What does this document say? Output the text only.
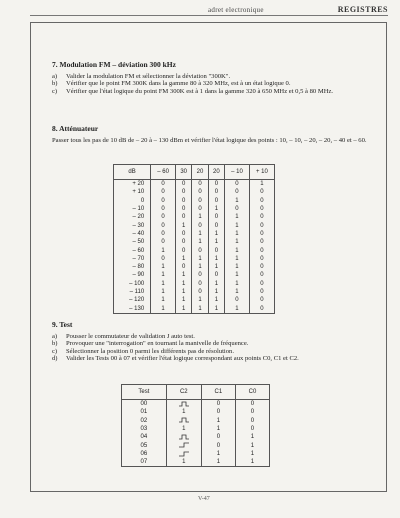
adret electronique	REGISTRES
7. Modulation FM – déviation 300 kHz
a) Valider la modulation FM et sélectionner la déviation "300K".
b) Vérifier que le point FM 300K dans la gamme 80 à 320 MHz, est à un état logique 0.
c) Vérifier que l'état logique du point FM 300K est à 1 dans la gamme 320 à 650 MHz et 0,5 à 80 MHz.
8. Atténuateur

Passer tous les pas de 10 dB de – 20 à – 130 dBm et vérifier l'état logique des points : 10, – 10, – 20, – 20, – 40 et – 60.

dB	– 60	30	20	20	– 10	+ 10
+ 20	0	0	0	0	0	1
+ 10	0	0	0	0	0	0
0	0	0	0	0	1	0
– 10	0	0	0	1	0	0
– 20	0	0	1	0	1	0
– 30	0	1	0	0	1	0
– 40	0	0	1	1	1	0
– 50	0	0	1	1	1	0
– 60	1	0	0	0	1	0
– 70	0	1	1	1	1	0
– 80	1	0	1	1	1	0
– 90	1	1	0	0	1	0
– 100	1	1	0	1	1	0
– 110	1	1	0	1	1	0
– 120	1	1	1	1	0	0
– 130	1	1	1	1	1	0
9. Test
a) Pousser le commutateur de validation J auto test.
b) Provoquer une "interrogation" en tournant la manivelle de fréquence.
c) Sélectionner la position 0 parmi les différents pas de résolution.
d) Valider les Tests 00 à 07 et vérifier l'état logique correspondant aux points C0, C1 et C2.
Test	C2	C1	C0
00		0	0
01	1	0	0
02		1	0
03	1	1	0
04		0	1
05		0	1
06		1	1
07	1	1	1
V-47
